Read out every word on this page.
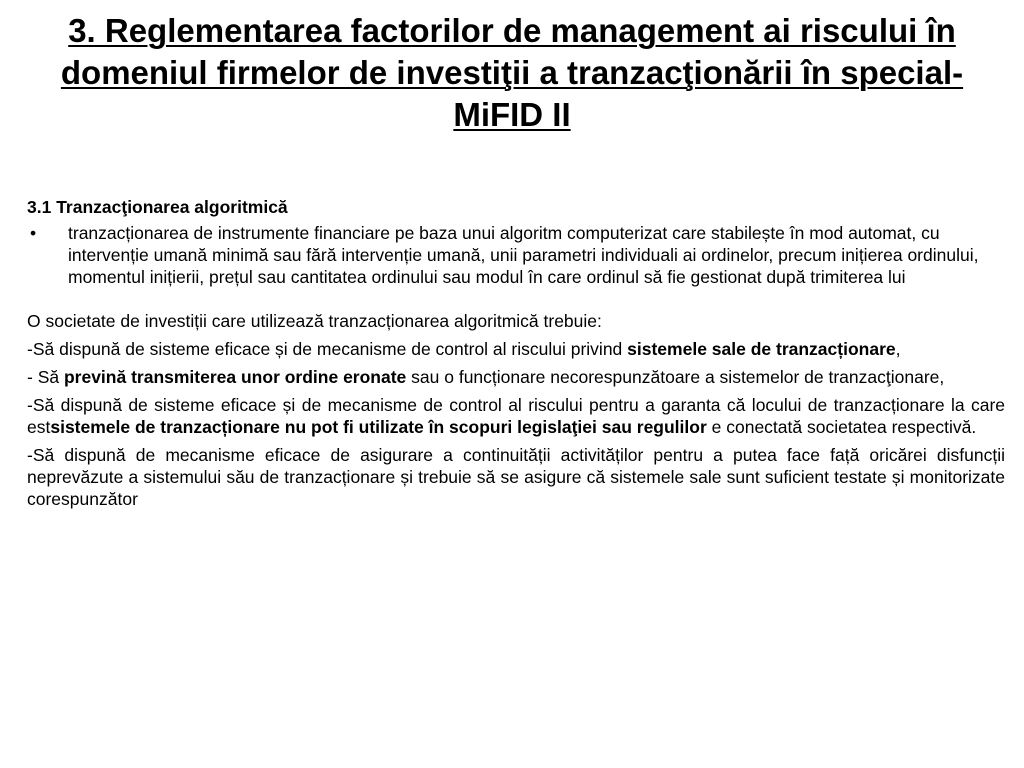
3. Reglementarea factorilor de management ai riscului în domeniul firmelor de investiţii a tranzacţionării în special-MiFID II
3.1 Tranzacţionarea algoritmică
•	tranzacționarea de instrumente financiare pe baza unui algoritm computerizat care stabilește în mod automat, cu intervenție umană minimă sau fără intervenție umană, unii parametri individuali ai ordinelor, precum inițierea ordinului, momentul inițierii, prețul sau cantitatea ordinului sau modul în care ordinul să fie gestionat după trimiterea lui
O societate de investiții care utilizează tranzacționarea algoritmică trebuie:
-Să dispună de sisteme eficace și de mecanisme de control al riscului privind sistemele sale de tranzacționare,
- Să prevină transmiterea unor ordine eronate sau o funcționare necorespunzătoare a sistemelor de tranzacţionare,
-Să dispună de sisteme eficace și de mecanisme de control al riscului pentru a garanta că locului de tranzacționare la care estsistemele de tranzacționare nu pot fi utilizate în scopuri legislaţiei sau regulilor e conectată societatea respectivă.
-Să dispună de mecanisme eficace de asigurare a continuității activităților pentru a putea face față oricărei disfuncții neprevăzute a sistemului său de tranzacționare și trebuie să se asigure că sistemele sale sunt suficient testate și monitorizate corespunzător
